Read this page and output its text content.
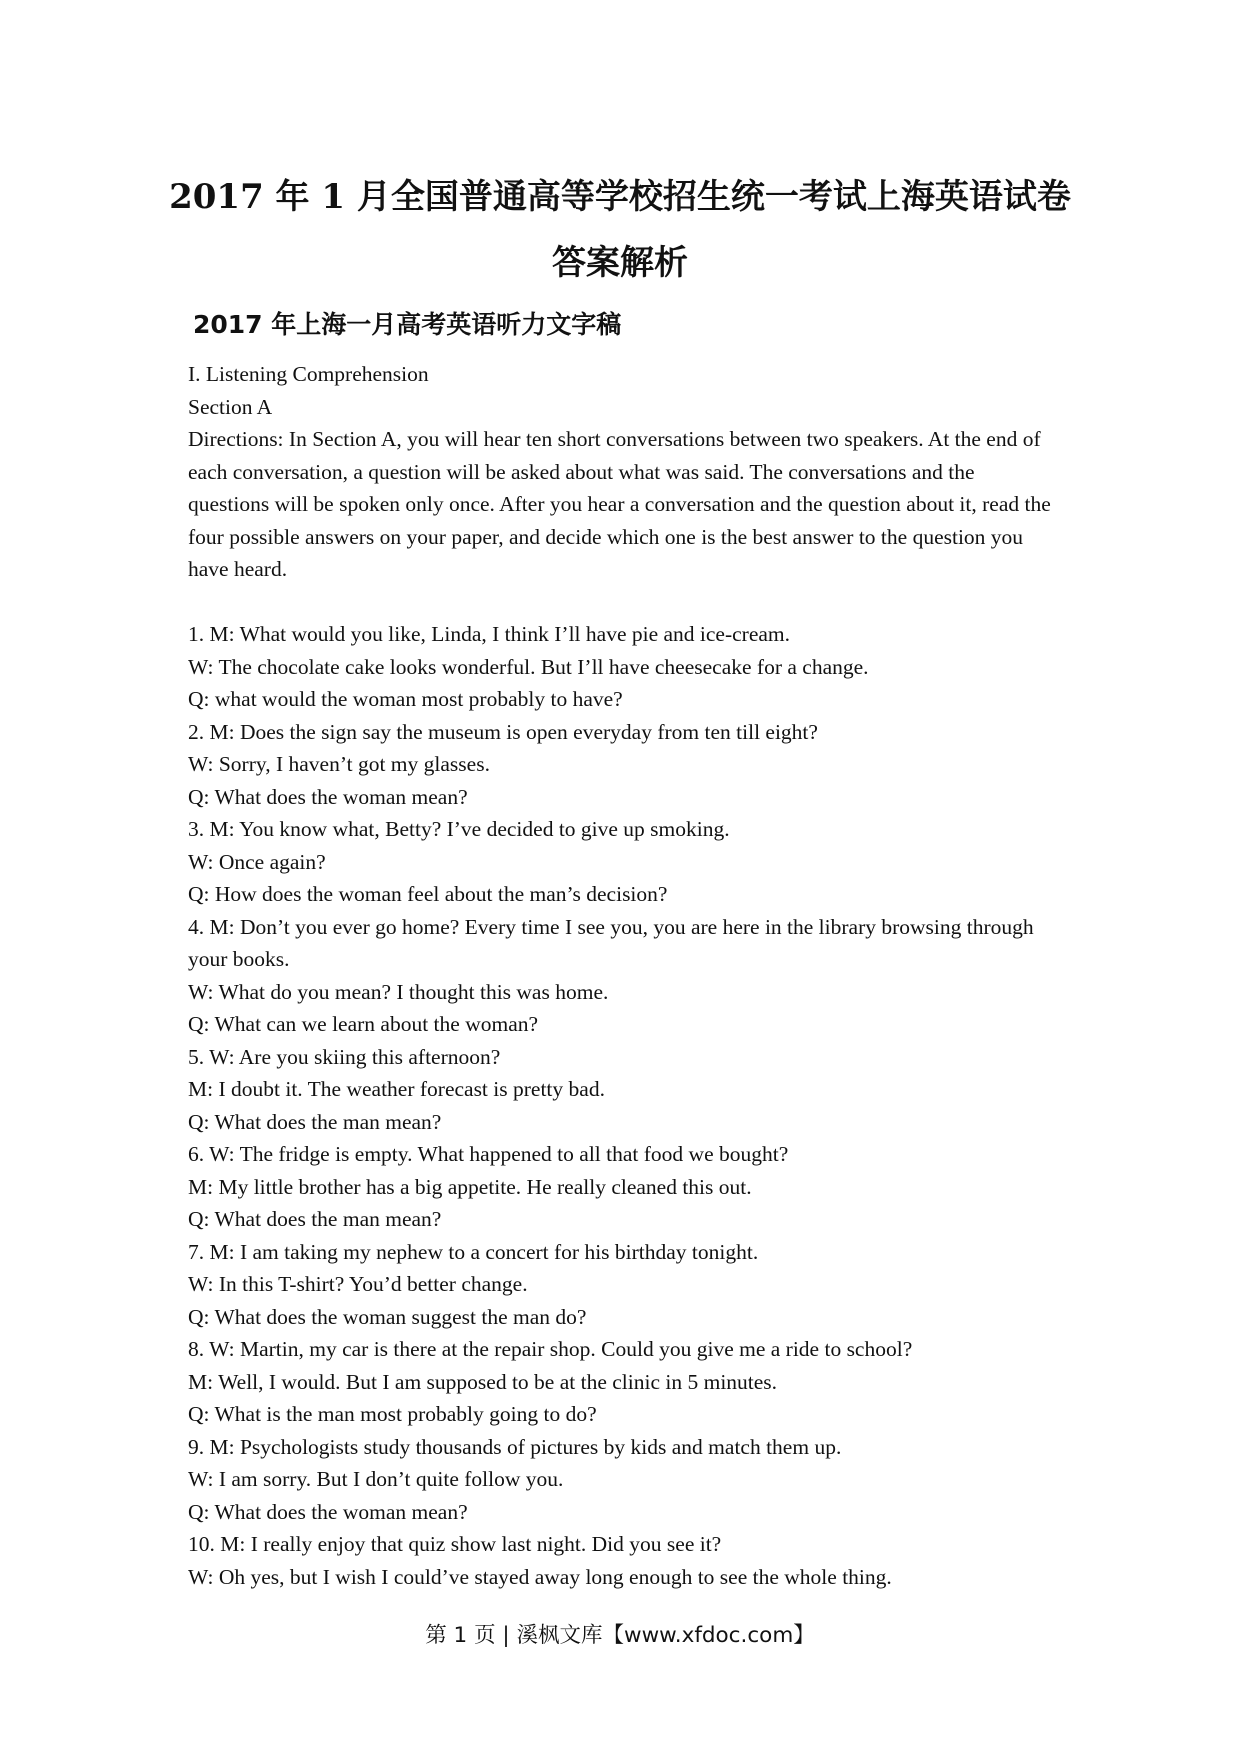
2017 年 1 月全国普通高等学校招生统一考试上海英语试卷
答案解析
2017 年上海一月高考英语听力文字稿

I. Listening Comprehension

Section A

Directions: In Section A, you will hear ten short conversations between two speakers. At the end of each conversation, a question will be asked about what was said. The conversations and the questions will be spoken only once. After you hear a conversation and the question about it, read the four possible answers on your paper, and decide which one is the best answer to the question you have heard.

1. M: What would you like, Linda, I think I’ll have pie and ice-cream.

W: The chocolate cake looks wonderful. But I’ll have cheesecake for a change.

Q: what would the woman most probably to have?

2. M: Does the sign say the museum is open everyday from ten till eight?

W: Sorry, I haven’t got my glasses.

Q: What does the woman mean?

3. M: You know what, Betty? I’ve decided to give up smoking.

W: Once again?

Q: How does the woman feel about the man’s decision?

4. M: Don’t you ever go home? Every time I see you, you are here in the library browsing through

your books.

W: What do you mean? I thought this was home.

Q: What can we learn about the woman?

5. W: Are you skiing this afternoon?

M: I doubt it. The weather forecast is pretty bad.

Q: What does the man mean?

6. W: The fridge is empty. What happened to all that food we bought?

M: My little brother has a big appetite. He really cleaned this out.

Q: What does the man mean?

7. M: I am taking my nephew to a concert for his birthday tonight.

W: In this T-shirt? You’d better change.

Q: What does the woman suggest the man do?

8. W: Martin, my car is there at the repair shop. Could you give me a ride to school?

M: Well, I would. But I am supposed to be at the clinic in 5 minutes.

Q: What is the man most probably going to do?

9. M: Psychologists study thousands of pictures by kids and match them up.

W: I am sorry. But I don’t quite follow you.

Q: What does the woman mean?

10. M: I really enjoy that quiz show last night. Did you see it?

W: Oh yes, but I wish I could’ve stayed away long enough to see the whole thing.

第 1 页 | 溪枫文库【www.xfdoc.com】
